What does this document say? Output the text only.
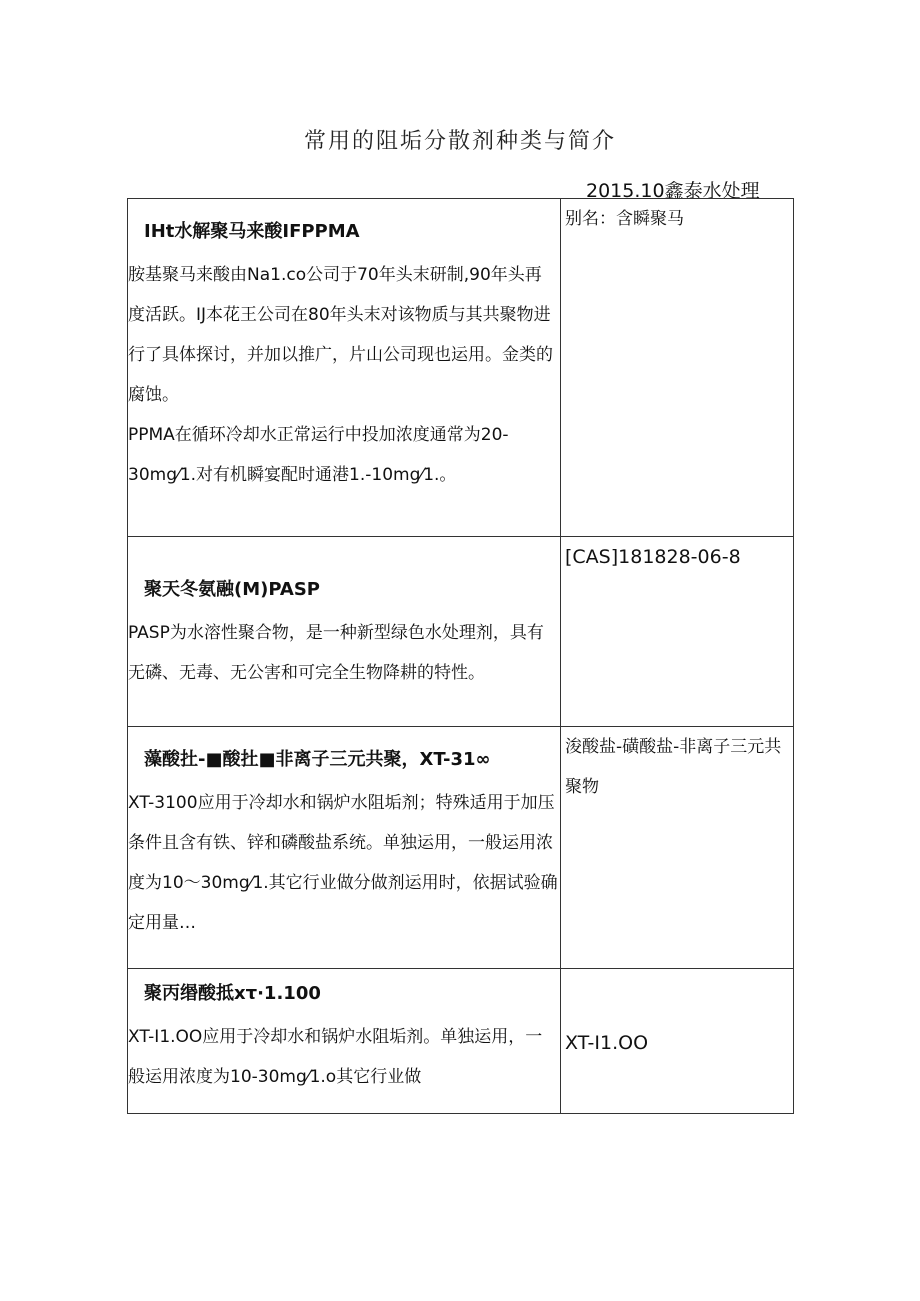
常用的阻垢分散剂种类与简介
2015.10鑫泰水处理
IHt水解聚马来酸IFPPMA
胺基聚马来酸由Na1.co公司于70年头末研制,90年头再度活跃。IJ本花王公司在80年头末对该物质与其共聚物进行了具体探讨，并加以推广，片山公司现也运用。金类的腐蚀。
PPMA在循环冷却水正常运行中投加浓度通常为20-30mg⁄1.对有机瞬宴配时通港1.-10mg⁄1.。	别名：含瞬聚马

聚天冬氨融(M)PASP
PASP为水溶性聚合物，是一种新型绿色水处理剂，具有无磷、无毒、无公害和可完全生物降耕的特性。	[CAS]181828-06-8

藻酸扗-■酸扗■非离子三元共聚，XT-31∞
XT-3100应用于冷却水和锅炉水阻垢剂；特殊适用于加压条件且含有铁、锌和磷酸盐系统。单独运用，一般运用浓度为10～30mg⁄1.其它行业做分做剂运用时，依据试验确定用量…	浚酸盐-磺酸盐-非离子三元共聚物

聚丙缗酸抵xτ·1.100
XT-I1.OO应用于冷却水和锅炉水阻垢剂。单独运用，一般运用浓度为10-30mg⁄1.o其它行业做	XT-I1.OO
